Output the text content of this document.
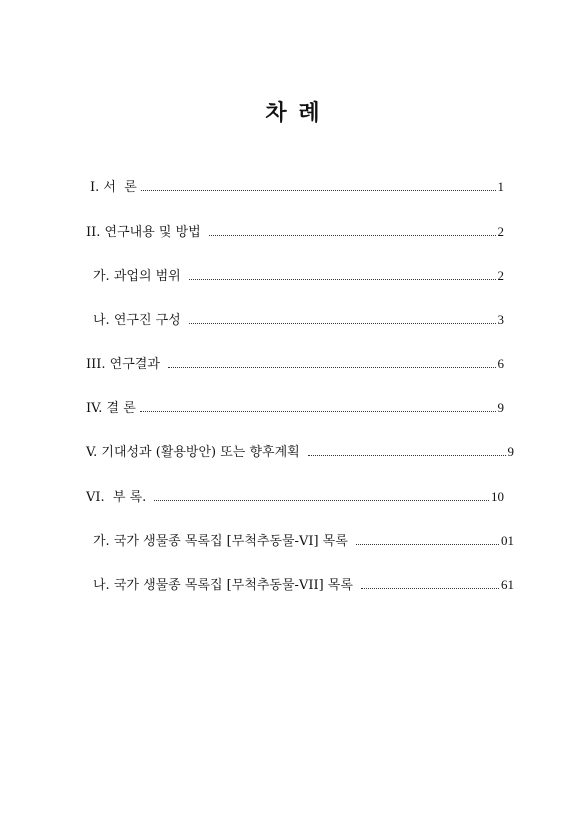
차 례
I. 서  론	1
II. 연구내용 및 방법	2
가. 과업의 범위	2
나. 연구진 구성	3
III. 연구결과	6
IV. 결 론	9
V. 기대성과 (활용방안) 또는 향후계획	9
VI.  부 록.	10
가. 국가 생물종 목록집 [무척추동물-VI] 목록	01
나. 국가 생물종 목록집 [무척추동물-VII] 목록	61
